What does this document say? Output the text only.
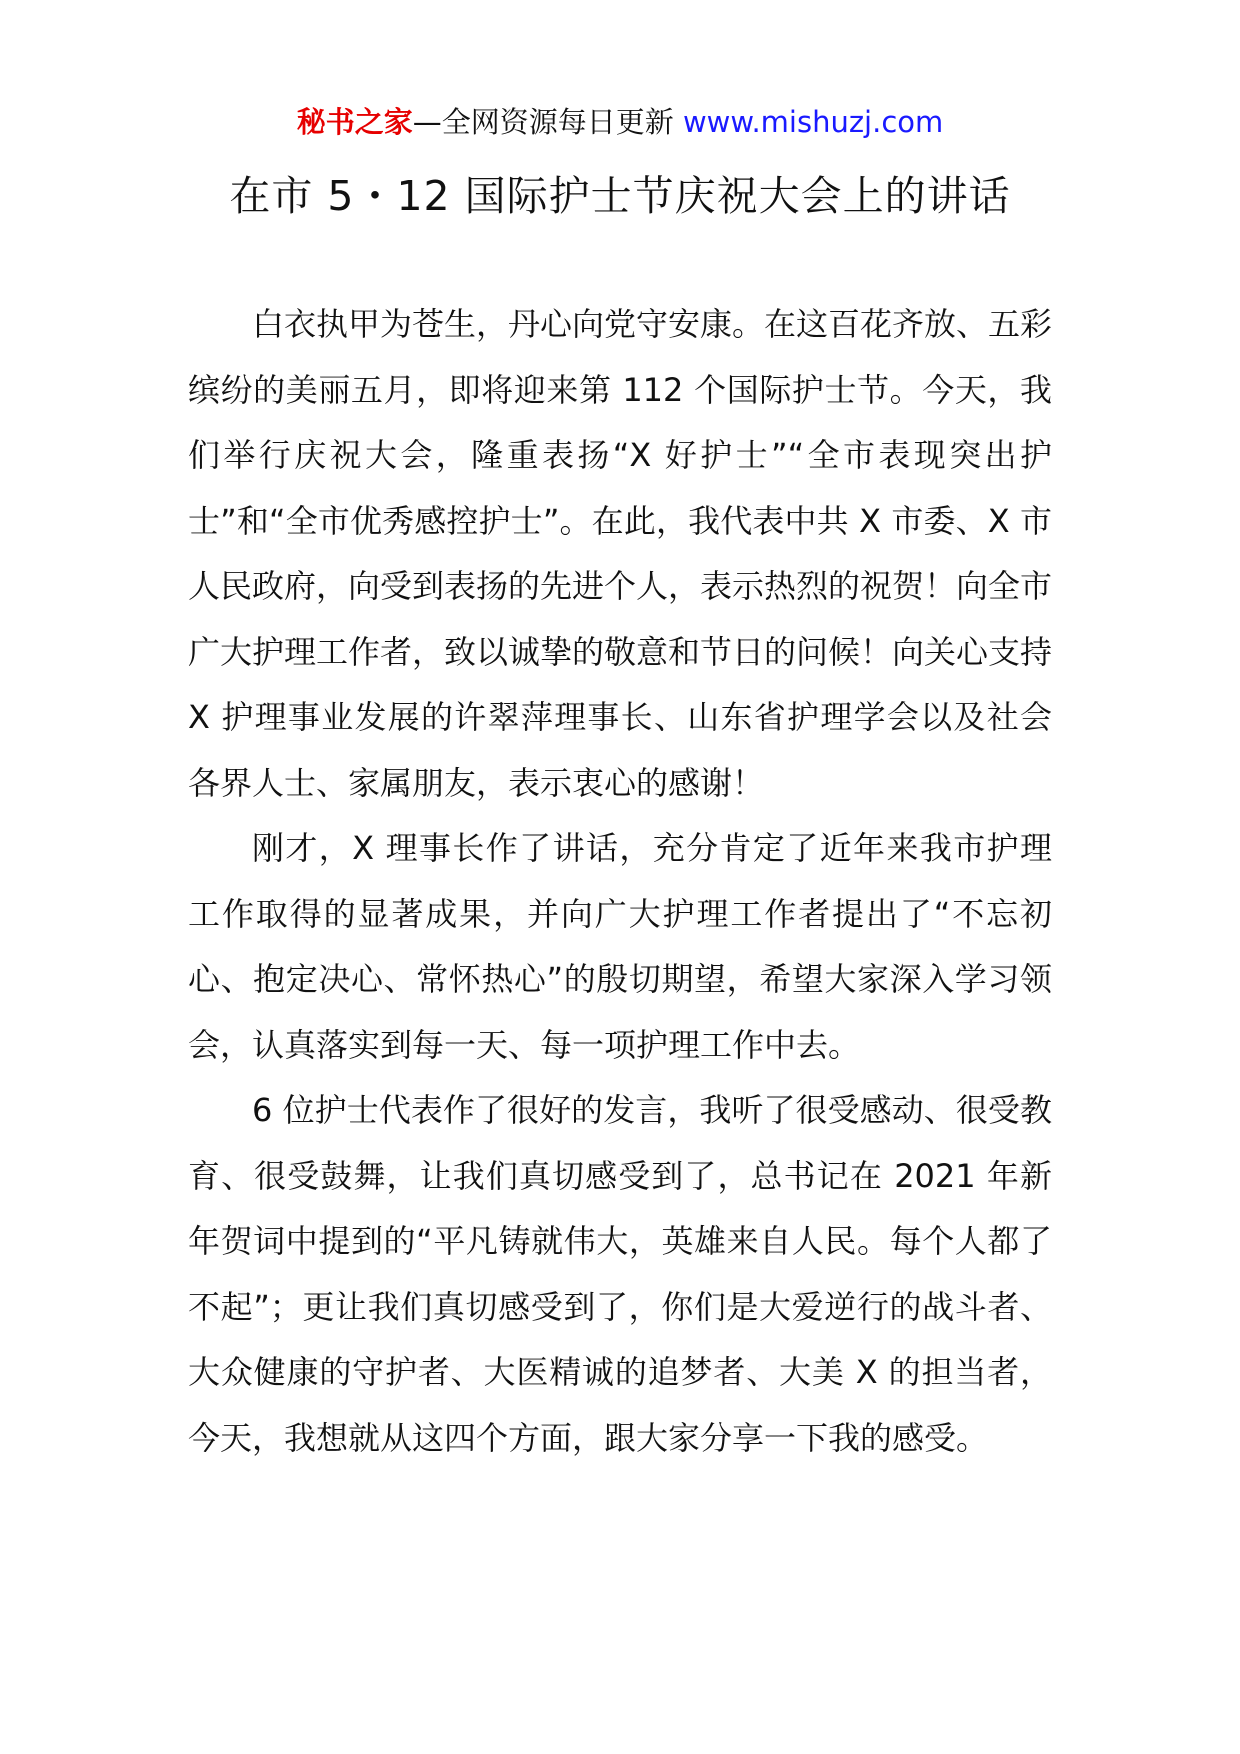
秘书之家—全网资源每日更新 www.mishuzj.com
在市 5・12 国际护士节庆祝大会上的讲话

白衣执甲为苍生，丹心向党守安康。在这百花齐放、五彩缤纷的美丽五月，即将迎来第 112 个国际护士节。今天，我们举行庆祝大会，隆重表扬“X 好护士”“全市表现突出护士”和“全市优秀感控护士”。在此，我代表中共 X 市委、X 市人民政府，向受到表扬的先进个人，表示热烈的祝贺！向全市广大护理工作者，致以诚挚的敬意和节日的问候！向关心支持 X 护理事业发展的许翠萍理事长、山东省护理学会以及社会各界人士、家属朋友，表示衷心的感谢！

刚才，X 理事长作了讲话，充分肯定了近年来我市护理工作取得的显著成果，并向广大护理工作者提出了“不忘初心、抱定决心、常怀热心”的殷切期望，希望大家深入学习领会，认真落实到每一天、每一项护理工作中去。

6 位护士代表作了很好的发言，我听了很受感动、很受教育、很受鼓舞，让我们真切感受到了，总书记在 2021 年新年贺词中提到的“平凡铸就伟大，英雄来自人民。每个人都了不起”；更让我们真切感受到了，你们是大爱逆行的战斗者、大众健康的守护者、大医精诚的追梦者、大美 X 的担当者，今天，我想就从这四个方面，跟大家分享一下我的感受。
